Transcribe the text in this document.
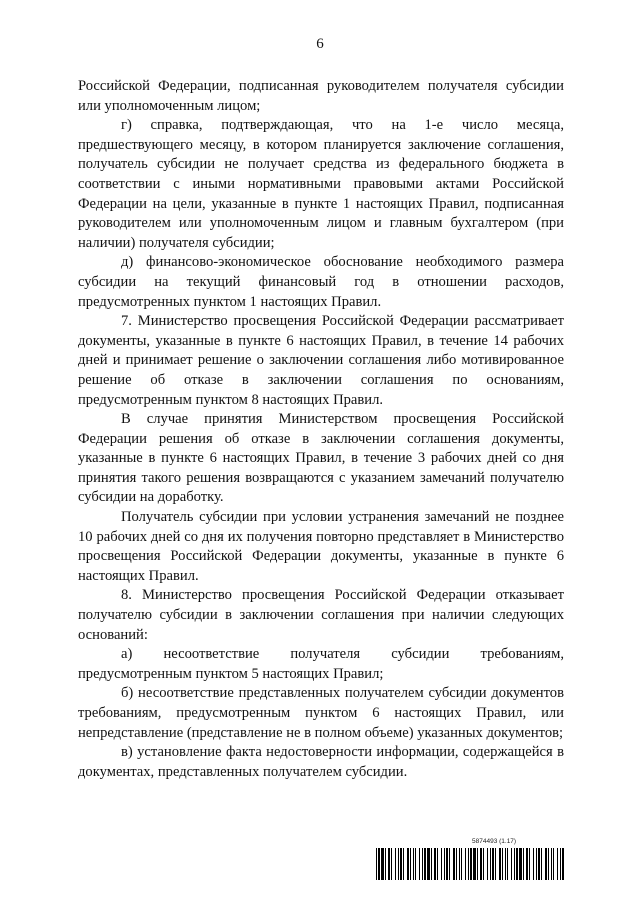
6

Российской Федерации, подписанная руководителем получателя субсидии или уполномоченным лицом;

г) справка, подтверждающая, что на 1-е число месяца, предшествующего месяцу, в котором планируется заключение соглашения, получатель субсидии не получает средства из федерального бюджета в соответствии с иными нормативными правовыми актами Российской Федерации на цели, указанные в пункте 1 настоящих Правил, подписанная руководителем или уполномоченным лицом и главным бухгалтером (при наличии) получателя субсидии;

д) финансово-экономическое обоснование необходимого размера субсидии на текущий финансовый год в отношении расходов, предусмотренных пунктом 1 настоящих Правил.

7. Министерство просвещения Российской Федерации рассматривает документы, указанные в пункте 6 настоящих Правил, в течение 14 рабочих дней и принимает решение о заключении соглашения либо мотивированное решение об отказе в заключении соглашения по основаниям, предусмотренным пунктом 8 настоящих Правил.

В случае принятия Министерством просвещения Российской Федерации решения об отказе в заключении соглашения документы, указанные в пункте 6 настоящих Правил, в течение 3 рабочих дней со дня принятия такого решения возвращаются с указанием замечаний получателю субсидии на доработку.

Получатель субсидии при условии устранения замечаний не позднее 10 рабочих дней со дня их получения повторно представляет в Министерство просвещения Российской Федерации документы, указанные в пункте 6 настоящих Правил.

8. Министерство просвещения Российской Федерации отказывает получателю субсидии в заключении соглашения при наличии следующих оснований:

а) несоответствие получателя субсидии требованиям, предусмотренным пунктом 5 настоящих Правил;

б) несоответствие представленных получателем субсидии документов требованиям, предусмотренным пунктом 6 настоящих Правил, или непредставление (представление не в полном объеме) указанных документов;

в) установление факта недостоверности информации, содержащейся в документах, представленных получателем субсидии.

5874493 (1.17)
